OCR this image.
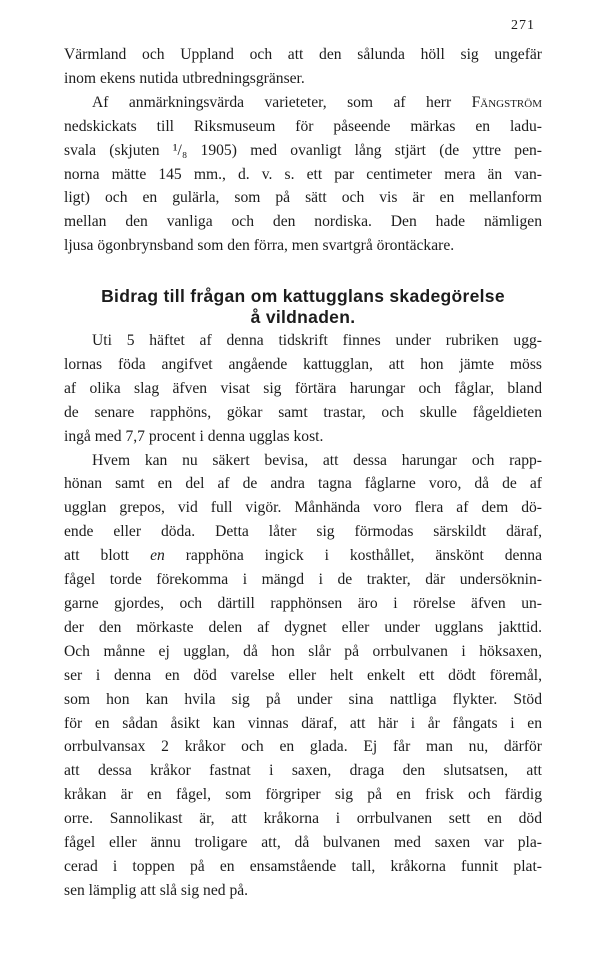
271
Värmland och Uppland och att den sålunda höll sig ungefär
inom ekens nutida utbredningsgränser.
Af anmärkningsvärda varieteter, som af herr Fängström
nedskickats till Riksmuseum för påseende märkas en ladu-
svala (skjuten ¹/₈ 1905) med ovanligt lång stjärt (de yttre pen-
norna mätte 145 mm., d. v. s. ett par centimeter mera än van-
ligt) och en gulärla, som på sätt och vis är en mellanform
mellan den vanliga och den nordiska. Den hade nämligen
ljusa ögonbrynsband som den förra, men svartgrå örontäckare.
Bidrag till frågan om kattugglans skadegörelse
å vildnaden.
Uti 5 häftet af denna tidskrift finnes under rubriken ugg-
lornas föda angifvet angående kattugglan, att hon jämte möss
af olika slag äfven visat sig förtära harungar och fåglar, bland
de senare rapphöns, gökar samt trastar, och skulle fågeldieten
ingå med 7,7 procent i denna ugglas kost.
Hvem kan nu säkert bevisa, att dessa harungar och rapp-
hönan samt en del af de andra tagna fåglarne voro, då de af
ugglan grepos, vid full vigör. Månhända voro flera af dem dö-
ende eller döda. Detta låter sig förmodas särskildt däraf,
att blott en rapphöna ingick i kosthållet, änskönt denna
fågel torde förekomma i mängd i de trakter, där undersöknin-
garne gjordes, och därtill rapphönsen äro i rörelse äfven un-
der den mörkaste delen af dygnet eller under ugglans jakttid.
Och månne ej ugglan, då hon slår på orrbulvanen i höksaxen,
ser i denna en död varelse eller helt enkelt ett dödt föremål,
som hon kan hvila sig på under sina nattliga flykter. Stöd
för en sådan åsikt kan vinnas däraf, att här i år fångats i en
orrbulvansax 2 kråkor och en glada. Ej får man nu, därför
att dessa kråkor fastnat i saxen, draga den slutsatsen, att
kråkan är en fågel, som förgriper sig på en frisk och färdig
orre. Sannolikast är, att kråkorna i orrbulvanen sett en död
fågel eller ännu troligare att, då bulvanen med saxen var pla-
cerad i toppen på en ensamstående tall, kråkorna funnit plat-
sen lämplig att slå sig ned på.
